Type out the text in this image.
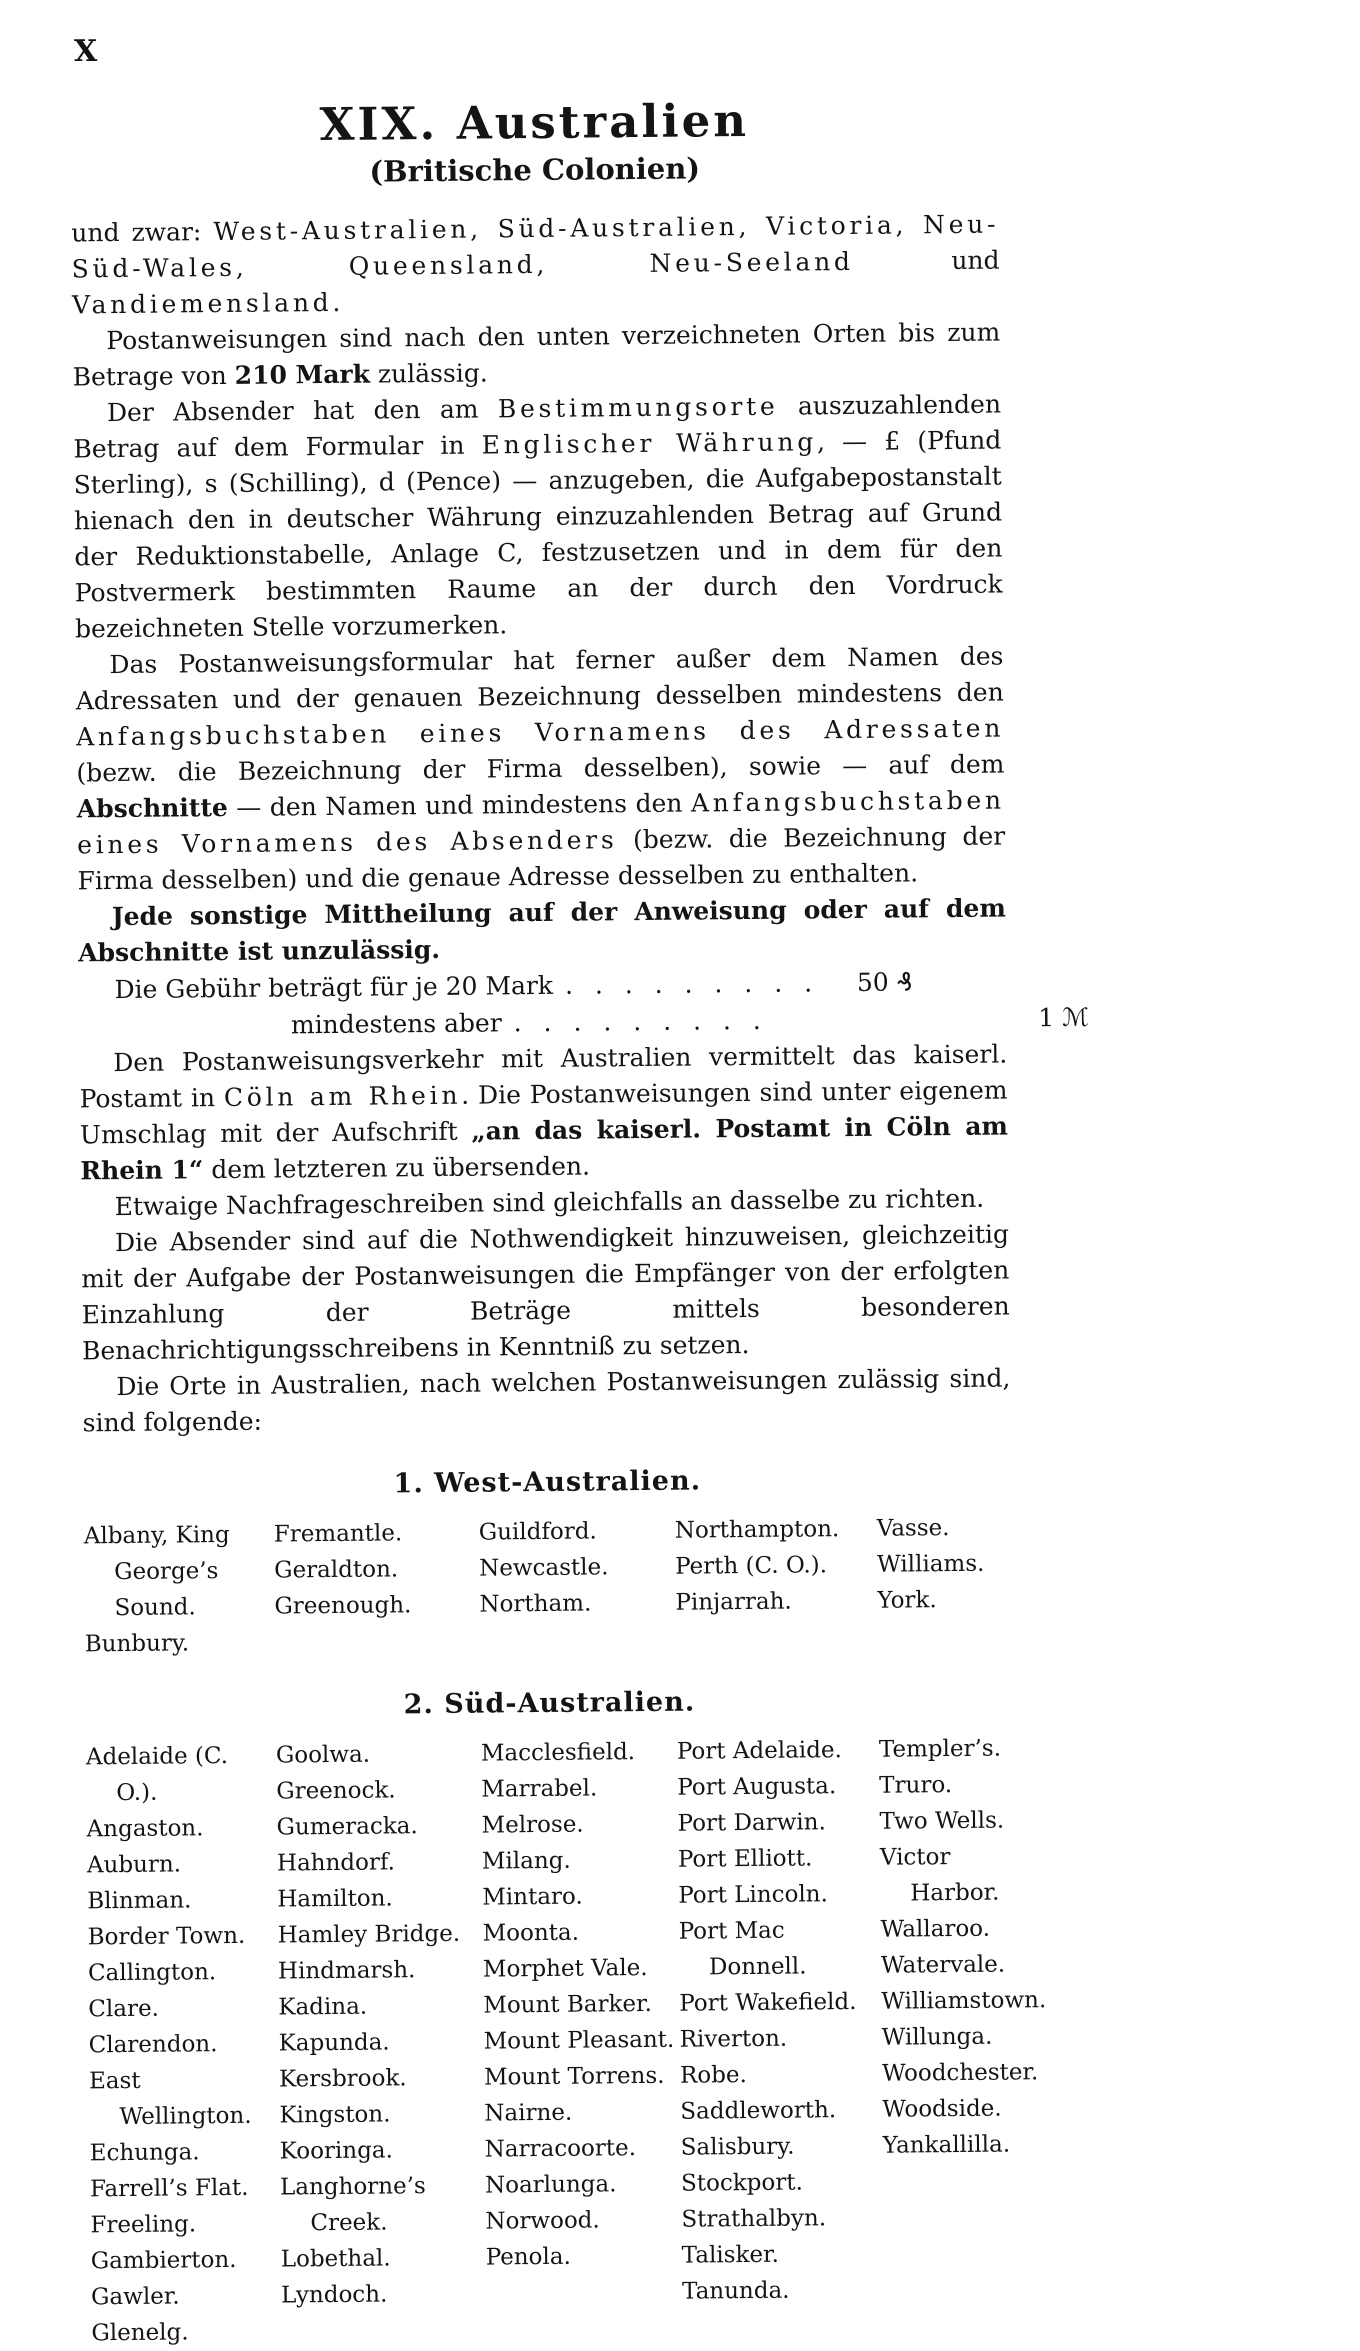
X
XIX. Australien
(Britische Colonien)

und zwar: West-Australien, Süd-Australien, Victoria, Neu-Süd-Wales, Queensland, Neu-Seeland und Vandiemensland.

Postanweisungen sind nach den unten verzeichneten Orten bis zum Betrage von 210 Mark zulässig.

Der Absender hat den am Bestimmungsorte auszuzahlenden Betrag auf dem Formular in Englischer Währung, — £ (Pfund Sterling), s (Schilling), d (Pence) — anzugeben, die Aufgabepostanstalt hienach den in deutscher Währung einzuzahlenden Betrag auf Grund der Reduktionstabelle, Anlage C, festzusetzen und in dem für den Postvermerk bestimmten Raume an der durch den Vordruck bezeichneten Stelle vorzumerken.

Das Postanweisungsformular hat ferner außer dem Namen des Adressaten und der genauen Bezeichnung desselben mindestens den Anfangsbuchstaben eines Vornamens des Adressaten (bezw. die Bezeichnung der Firma desselben), sowie — auf dem Abschnitte — den Namen und mindestens den Anfangsbuchstaben eines Vornamens des Absenders (bezw. die Bezeichnung der Firma desselben) und die genaue Adresse desselben zu enthalten.

Jede sonstige Mittheilung auf der Anweisung oder auf dem Abschnitte ist unzulässig.

Die Gebühr beträgt für je 20 Mark . . . . . . . . .	50 ₰
mindestens aber . . . . . . . . .	1 ℳ

Den Postanweisungsverkehr mit Australien vermittelt das kaiserl. Postamt in Cöln am Rhein. Die Postanweisungen sind unter eigenem Umschlag mit der Aufschrift „an das kaiserl. Postamt in Cöln am Rhein 1“ dem letzteren zu übersenden.

Etwaige Nachfrageschreiben sind gleichfalls an dasselbe zu richten.

Die Absender sind auf die Nothwendigkeit hinzuweisen, gleichzeitig mit der Aufgabe der Postanweisungen die Empfänger von der erfolgten Einzahlung der Beträge mittels besonderen Benachrichtigungsschreibens in Kenntniß zu setzen.

Die Orte in Australien, nach welchen Postanweisungen zulässig sind, sind folgende:

1. West-Australien.
Albany, King George’s Sound.
Bunbury.
Fremantle.
Geraldton.
Greenough.
Guildford.
Newcastle.
Northam.
Northampton.
Perth (C. O.).
Pinjarrah.
Vasse.
Williams.
York.
2. Süd-Australien.
Adelaide (C. O.).
Angaston.
Auburn.
Blinman.
Border Town.
Callington.
Clare.
Clarendon.
East Wellington.
Echunga.
Farrell’s Flat.
Freeling.
Gambierton.
Gawler.
Glenelg.
Goolwa.
Greenock.
Gumeracka.
Hahndorf.
Hamilton.
Hamley Bridge.
Hindmarsh.
Kadina.
Kapunda.
Kersbrook.
Kingston.
Kooringa.
Langhorne’s Creek.
Lobethal.
Lyndoch.
Macclesfield.
Marrabel.
Melrose.
Milang.
Mintaro.
Moonta.
Morphet Vale.
Mount Barker.
Mount Pleasant.
Mount Torrens.
Nairne.
Narracoorte.
Noarlunga.
Norwood.
Penola.
Port Adelaide.
Port Augusta.
Port Darwin.
Port Elliott.
Port Lincoln.
Port Mac Donnell.
Port Wakefield.
Riverton.
Robe.
Saddleworth.
Salisbury.
Stockport.
Strathalbyn.
Talisker.
Tanunda.
Templer’s.
Truro.
Two Wells.
Victor Harbor.
Wallaroo.
Watervale.
Williamstown.
Willunga.
Woodchester.
Woodside.
Yankallilla.
